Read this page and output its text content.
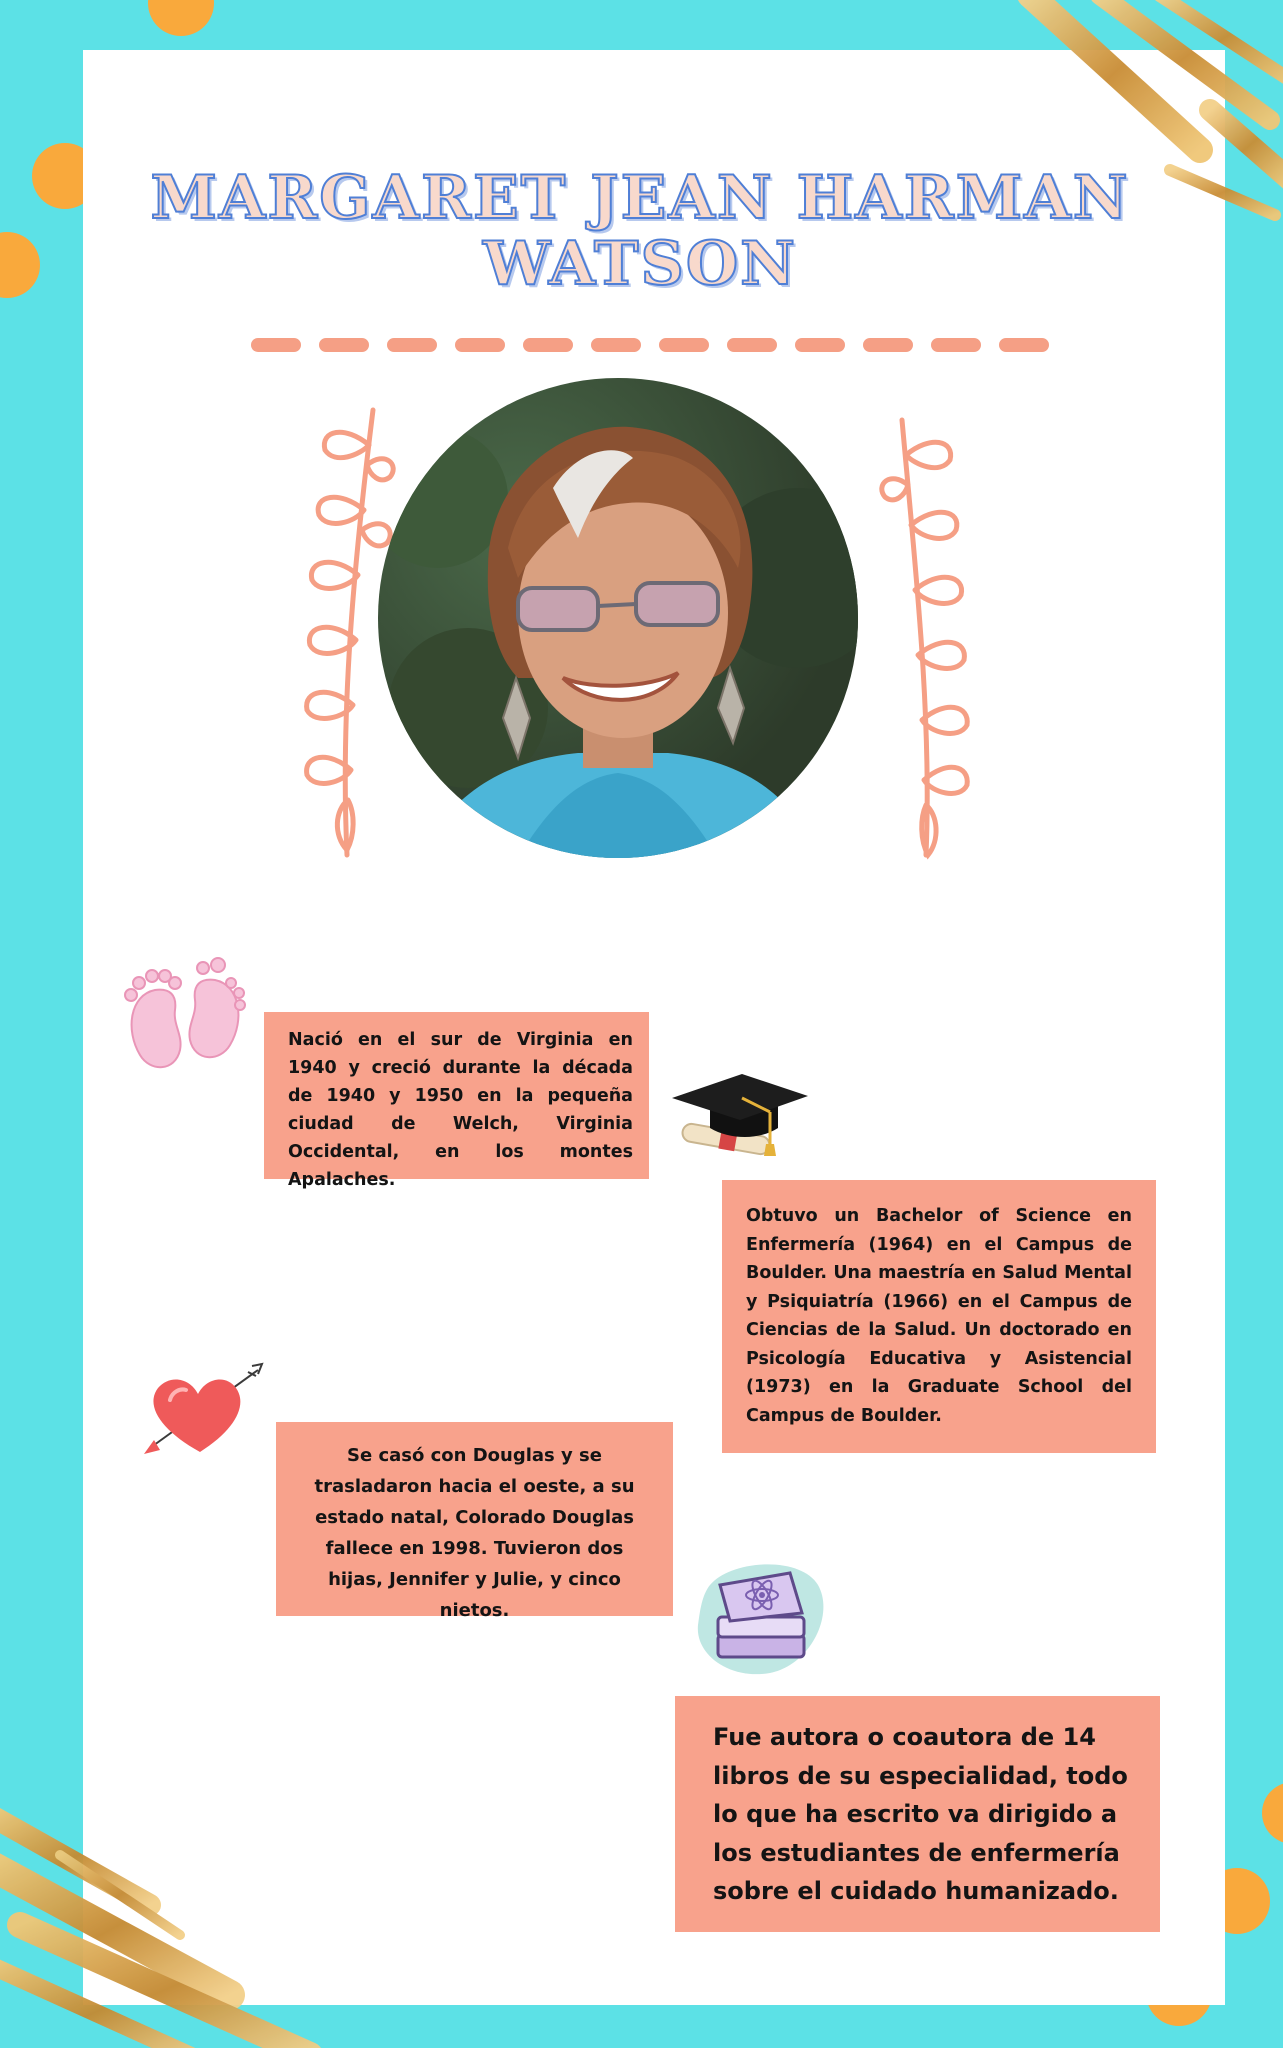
MARGARET JEAN HARMAN
WATSON

Nació en el sur de Virginia en 1940 y creció durante la década de 1940 y 1950 en la pequeña ciudad de Welch, Virginia Occidental, en los montes Apalaches.

Obtuvo un Bachelor of Science en Enfermería (1964) en el Campus de Boulder. Una maestría en Salud Mental y Psiquiatría (1966) en el Campus de Ciencias de la Salud. Un doctorado en Psicología Educativa y Asistencial (1973) en la Graduate School del Campus de Boulder.

Se casó con Douglas y se trasladaron hacia el oeste, a su estado natal, Colorado Douglas fallece en 1998. Tuvieron dos hijas, Jennifer y Julie, y cinco nietos.

Fue autora o coautora de 14 libros de su especialidad, todo lo que ha escrito va dirigido a los estudiantes de enfermería sobre el cuidado humanizado.
